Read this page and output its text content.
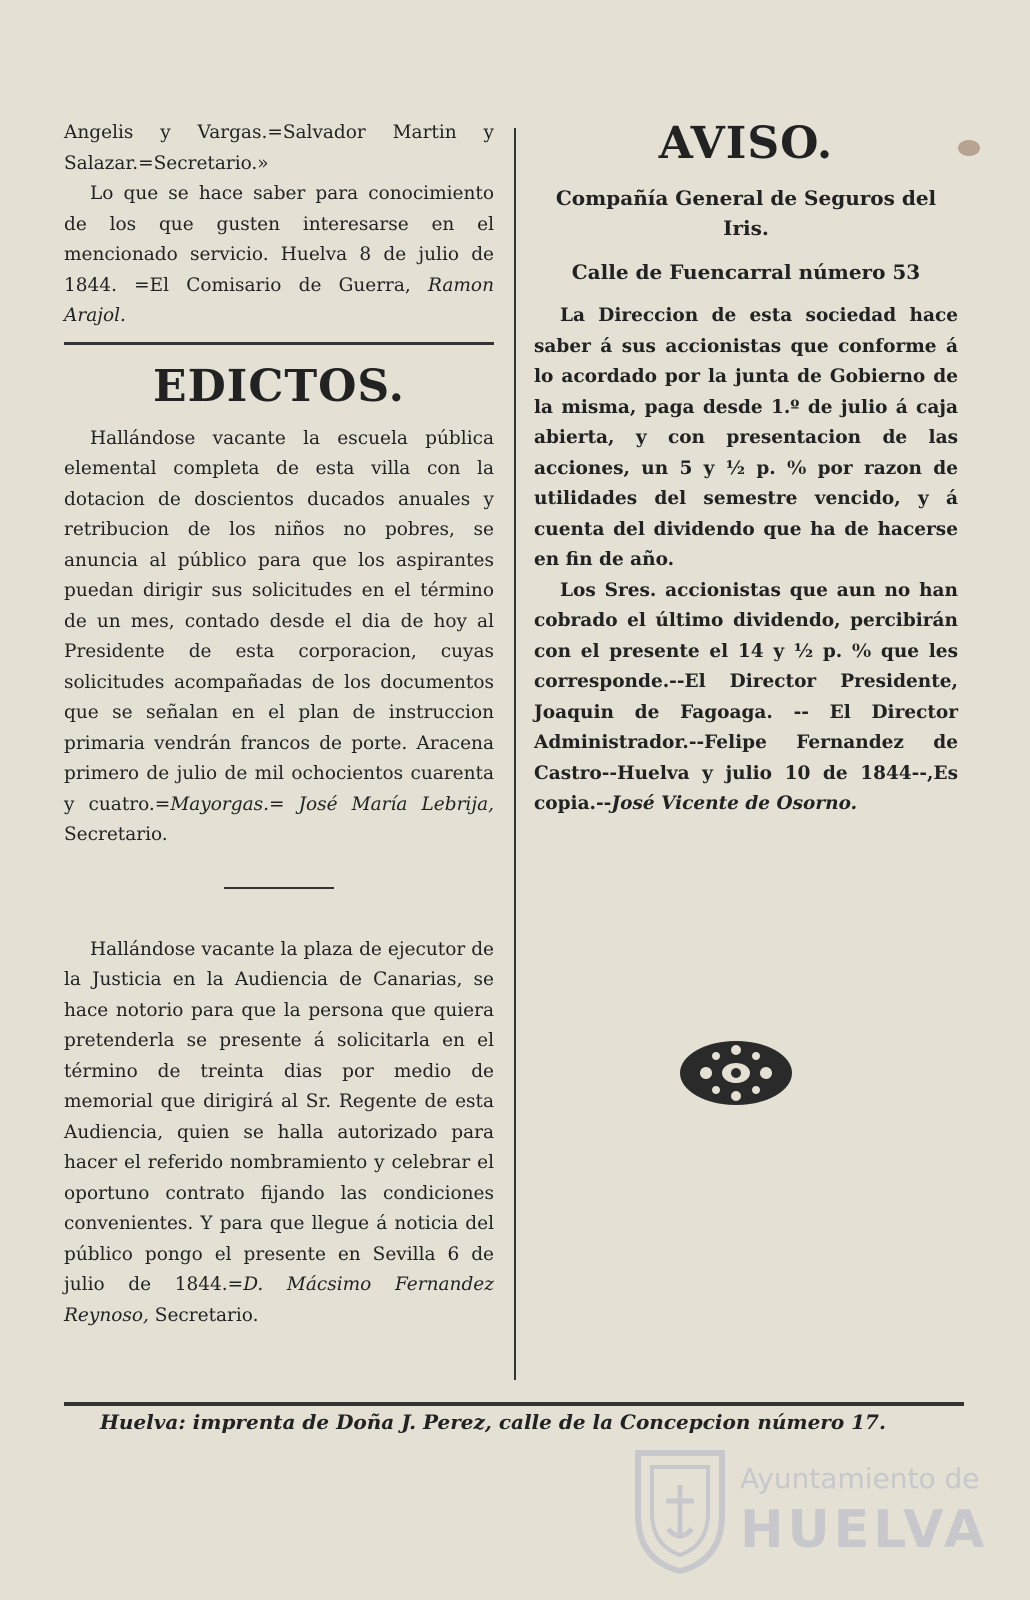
Angelis y Vargas.=Salvador Martin y Salazar.=Secretario.»

Lo que se hace saber para conocimiento de los que gusten interesarse en el mencionado servicio. Huelva 8 de julio de 1844. =El Comisario de Guerra, Ramon Arajol.

EDICTOS.

Hallándose vacante la escuela pública elemental completa de esta villa con la dotacion de doscientos ducados anuales y retribucion de los niños no pobres, se anuncia al público para que los aspirantes puedan dirigir sus solicitudes en el término de un mes, contado desde el dia de hoy al Presidente de esta corporacion, cuyas solicitudes acompañadas de los documentos que se señalan en el plan de instruccion primaria vendrán francos de porte. Aracena primero de julio de mil ochocientos cuarenta y cuatro.=Mayorgas.= José María Lebrija, Secretario.

Hallándose vacante la plaza de ejecutor de la Justicia en la Audiencia de Canarias, se hace notorio para que la persona que quiera pretenderla se presente á solicitarla en el término de treinta dias por medio de memorial que dirigirá al Sr. Regente de esta Audiencia, quien se halla autorizado para hacer el referido nombramiento y celebrar el oportuno contrato fijando las condiciones convenientes. Y para que llegue á noticia del público pongo el presente en Sevilla 6 de julio de 1844.=D. Mácsimo Fernandez Reynoso, Secretario.

AVISO.
Compañía General de Seguros del Iris.
Calle de Fuencarral número 53

La Direccion de esta sociedad hace saber á sus accionistas que conforme á lo acordado por la junta de Gobierno de la misma, paga desde 1.º de julio á caja abierta, y con presentacion de las acciones, un 5 y ½ p. ⁰⁄₀ por razon de utilidades del semestre vencido, y á cuenta del dividendo que ha de hacerse en fin de año.

Los Sres. accionistas que aun no han cobrado el último dividendo, percibirán con el presente el 14 y ½ p. ⁰⁄₀ que les corresponde.--El Director Presidente, Joaquin de Fagoaga. -- El Director Administrador.--Felipe Fernandez de Castro--Huelva y julio 10 de 1844--,Es copia.--José Vicente de Osorno.

Huelva: imprenta de Doña J. Perez, calle de la Concepcion número 17.
Ayuntamiento de
HUELVA
